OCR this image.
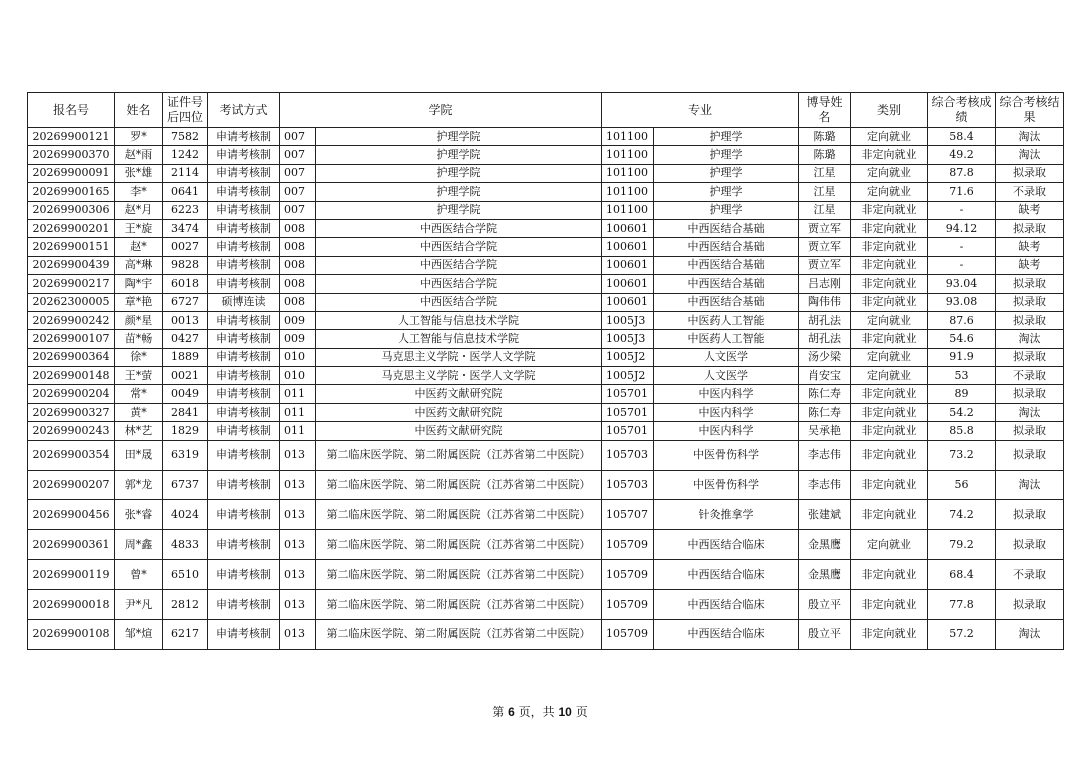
报名号	姓名	证件号后四位	考试方式	学院		专业		博导姓名	类别	综合考核成绩	综合考核结果
20269900121	罗*	7582	申请考核制	007	护理学院	101100	护理学	陈璐	定向就业	58.4	淘汰
20269900370	赵*雨	1242	申请考核制	007	护理学院	101100	护理学	陈璐	非定向就业	49.2	淘汰
20269900091	张*雄	2114	申请考核制	007	护理学院	101100	护理学	江星	定向就业	87.8	拟录取
20269900165	李*	0641	申请考核制	007	护理学院	101100	护理学	江星	定向就业	71.6	不录取
20269900306	赵*月	6223	申请考核制	007	护理学院	101100	护理学	江星	非定向就业	-	缺考
20269900201	王*旋	3474	申请考核制	008	中西医结合学院	100601	中西医结合基础	贾立军	非定向就业	94.12	拟录取
20269900151	赵*	0027	申请考核制	008	中西医结合学院	100601	中西医结合基础	贾立军	非定向就业	-	缺考
20269900439	高*琳	9828	申请考核制	008	中西医结合学院	100601	中西医结合基础	贾立军	非定向就业	-	缺考
20269900217	陶*宇	6018	申请考核制	008	中西医结合学院	100601	中西医结合基础	吕志刚	非定向就业	93.04	拟录取
20262300005	章*艳	6727	硕博连读	008	中西医结合学院	100601	中西医结合基础	陶伟伟	非定向就业	93.08	拟录取
20269900242	颜*星	0013	申请考核制	009	人工智能与信息技术学院	1005J3	中医药人工智能	胡孔法	定向就业	87.6	拟录取
20269900107	苗*畅	0427	申请考核制	009	人工智能与信息技术学院	1005J3	中医药人工智能	胡孔法	非定向就业	54.6	淘汰
20269900364	徐*	1889	申请考核制	010	马克思主义学院・医学人文学院	1005J2	人文医学	汤少梁	定向就业	91.9	拟录取
20269900148	王*萤	0021	申请考核制	010	马克思主义学院・医学人文学院	1005J2	人文医学	肖安宝	定向就业	53	不录取
20269900204	常*	0049	申请考核制	011	中医药文献研究院	105701	中医内科学	陈仁寿	非定向就业	89	拟录取
20269900327	黄*	2841	申请考核制	011	中医药文献研究院	105701	中医内科学	陈仁寿	非定向就业	54.2	淘汰
20269900243	林*艺	1829	申请考核制	011	中医药文献研究院	105701	中医内科学	吴承艳	非定向就业	85.8	拟录取
20269900354	田*晟	6319	申请考核制	013	第二临床医学院、第二附属医院（江苏省第二中医院）	105703	中医骨伤科学	李志伟	非定向就业	73.2	拟录取
20269900207	郭*龙	6737	申请考核制	013	第二临床医学院、第二附属医院（江苏省第二中医院）	105703	中医骨伤科学	李志伟	非定向就业	56	淘汰
20269900456	张*睿	4024	申请考核制	013	第二临床医学院、第二附属医院（江苏省第二中医院）	105707	针灸推拿学	张建斌	非定向就业	74.2	拟录取
20269900361	周*鑫	4833	申请考核制	013	第二临床医学院、第二附属医院（江苏省第二中医院）	105709	中西医结合临床	金黑鹰	定向就业	79.2	拟录取
20269900119	曾*	6510	申请考核制	013	第二临床医学院、第二附属医院（江苏省第二中医院）	105709	中西医结合临床	金黑鹰	非定向就业	68.4	不录取
20269900018	尹*凡	2812	申请考核制	013	第二临床医学院、第二附属医院（江苏省第二中医院）	105709	中西医结合临床	殷立平	非定向就业	77.8	拟录取
20269900108	邹*煊	6217	申请考核制	013	第二临床医学院、第二附属医院（江苏省第二中医院）	105709	中西医结合临床	殷立平	非定向就业	57.2	淘汰
第 6 页，共 10 页
